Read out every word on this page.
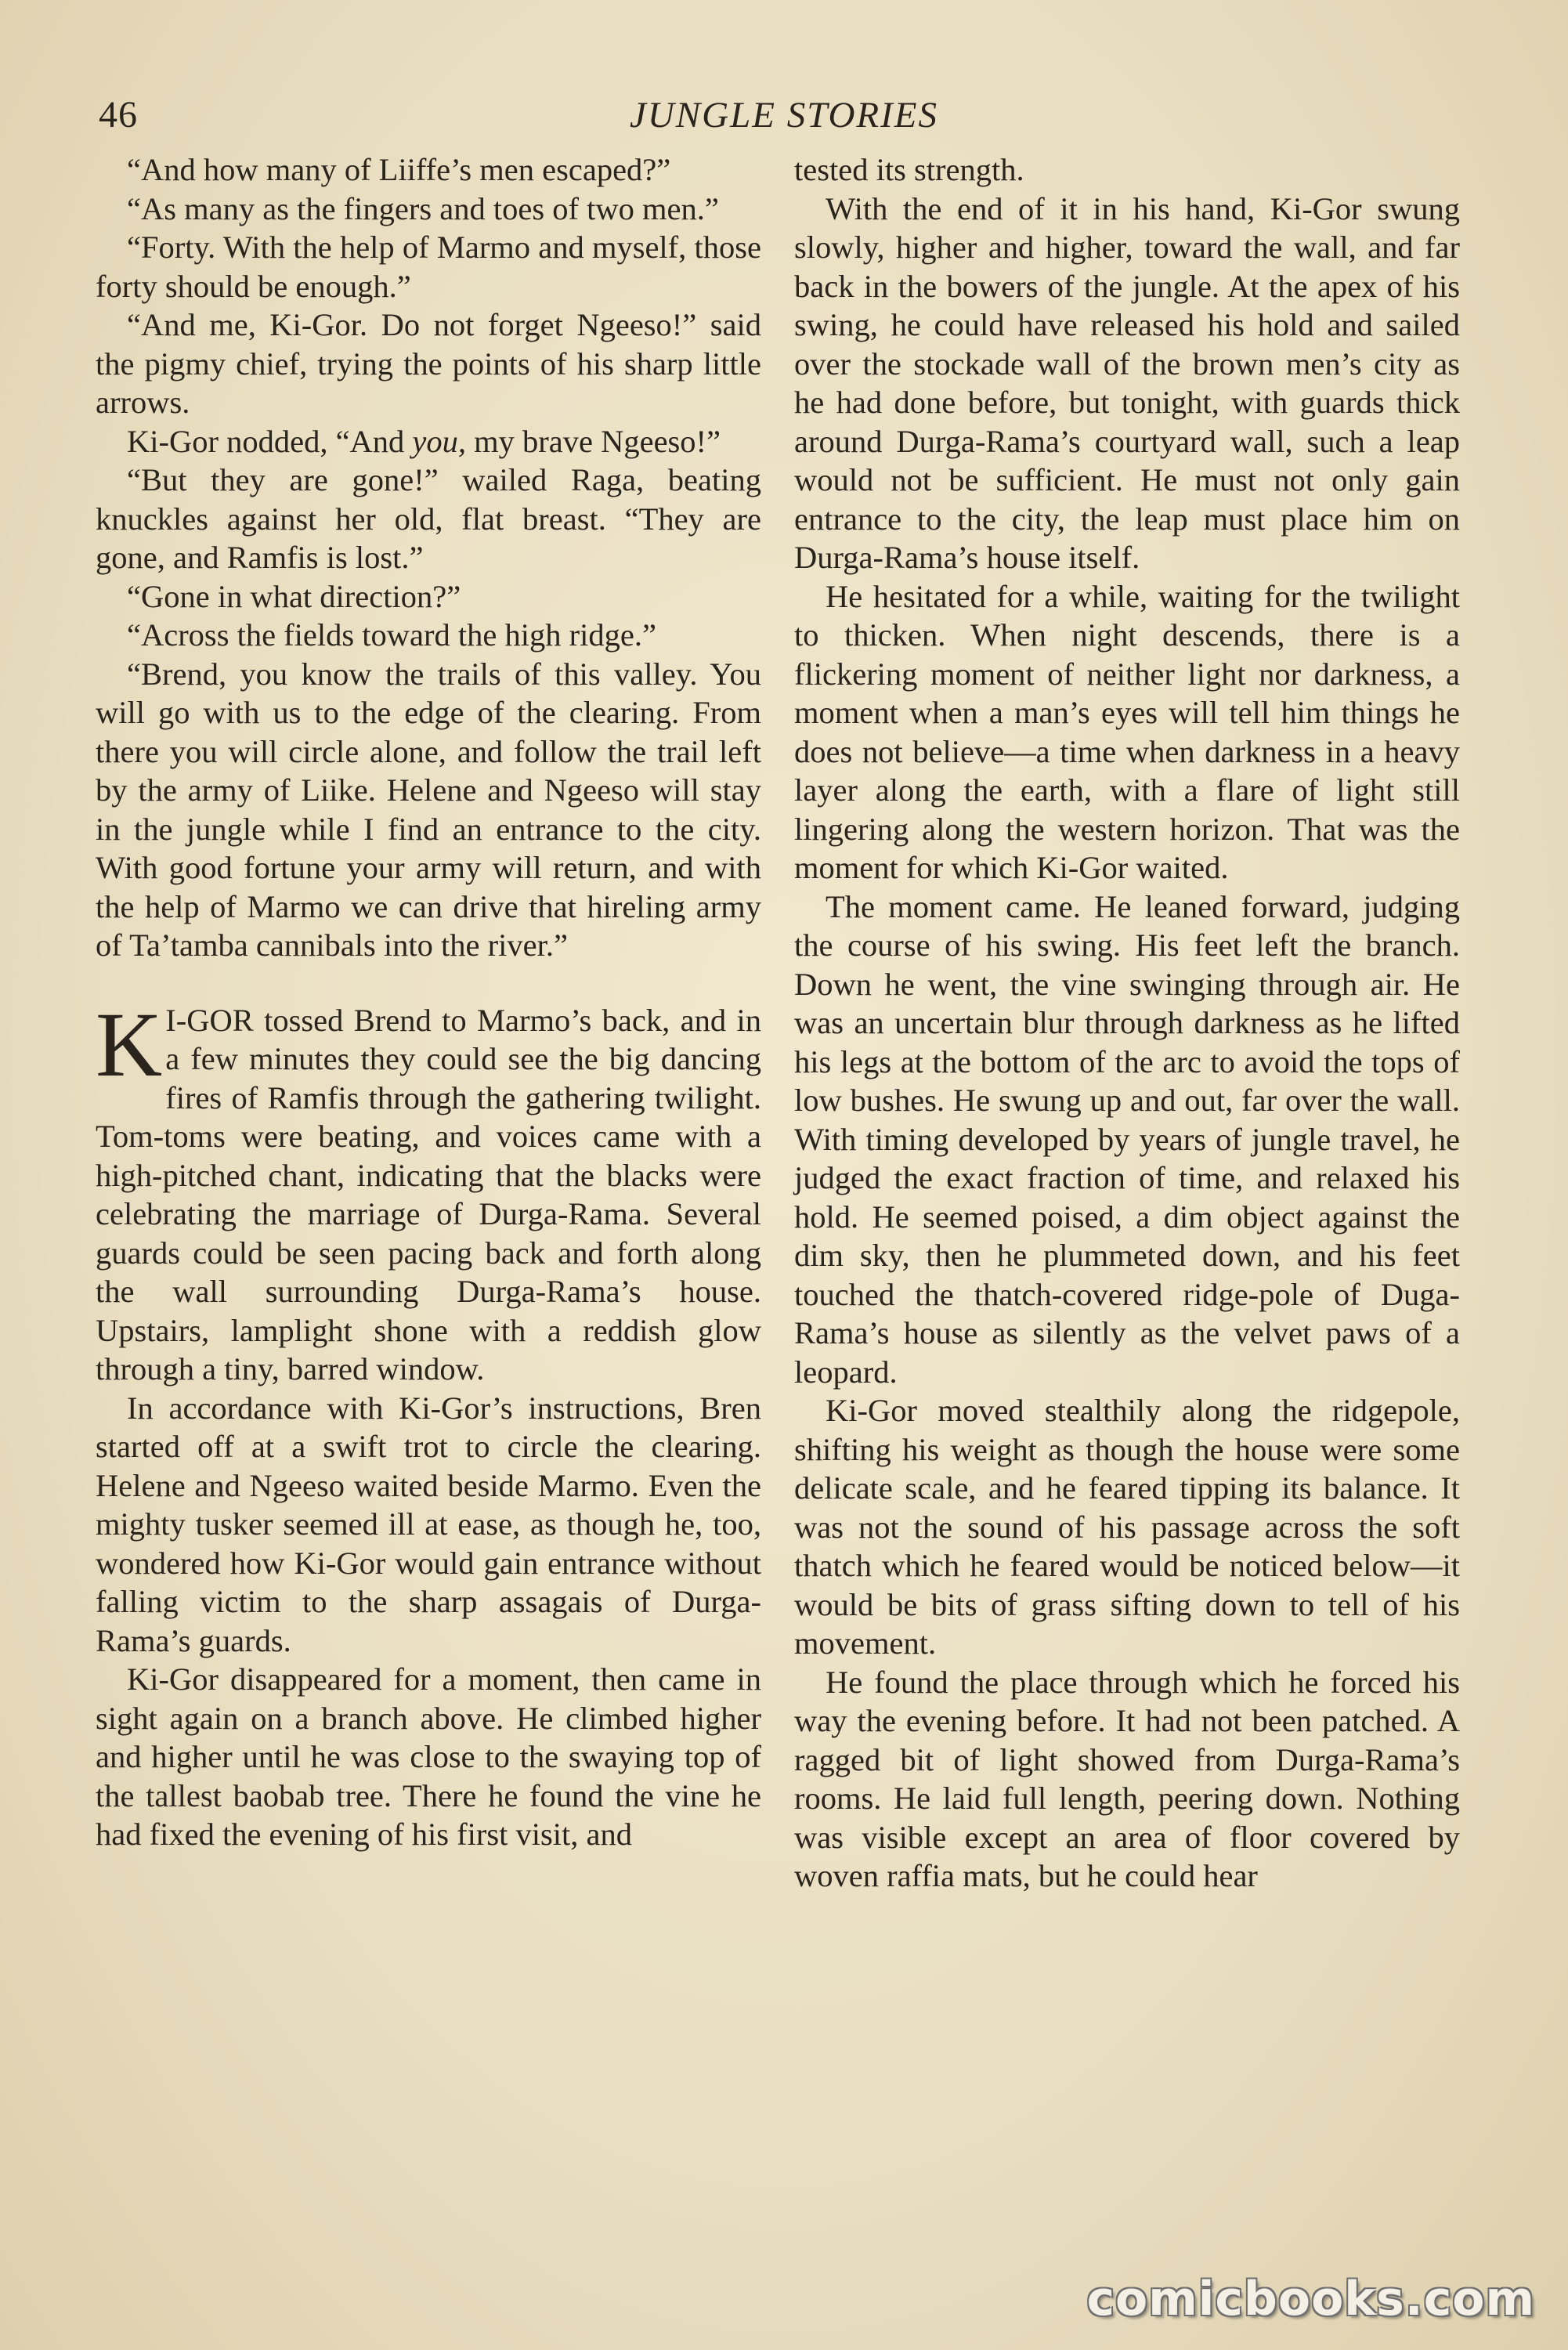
46	JUNGLE STORIES

“And how many of Liiffe’s men escaped?”

“As many as the fingers and toes of two men.”

“Forty. With the help of Marmo and myself, those forty should be enough.”

“And me, Ki-Gor. Do not forget Ngeeso!” said the pigmy chief, trying the points of his sharp little arrows.

Ki-Gor nodded, “And you, my brave Ngeeso!”

“But they are gone!” wailed Raga, beating knuckles against her old, flat breast. “They are gone, and Ramfis is lost.”

“Gone in what direction?”

“Across the fields toward the high ridge.”

“Brend, you know the trails of this valley. You will go with us to the edge of the clearing. From there you will circle alone, and follow the trail left by the army of Liike. Helene and Ngeeso will stay in the jungle while I find an entrance to the city. With good fortune your army will return, and with the help of Marmo we can drive that hireling army of Ta’tamba cannibals into the river.”

K I-GOR tossed Brend to Marmo’s back, and in a few minutes they could see the big dancing fires of Ramfis through the gathering twilight. Tom-toms were beating, and voices came with a high-pitched chant, indicating that the blacks were celebrating the marriage of Durga-Rama. Several guards could be seen pacing back and forth along the wall surrounding Durga-Rama’s house. Upstairs, lamplight shone with a reddish glow through a tiny, barred window.

In accordance with Ki-Gor’s instructions, Bren started off at a swift trot to circle the clearing. Helene and Ngeeso waited beside Marmo. Even the mighty tusker seemed ill at ease, as though he, too, wondered how Ki-Gor would gain entrance without falling victim to the sharp assagais of Durga-Rama’s guards.

Ki-Gor disappeared for a moment, then came in sight again on a branch above. He climbed higher and higher until he was close to the swaying top of the tallest baobab tree. There he found the vine he had fixed the evening of his first visit, and

tested its strength.

With the end of it in his hand, Ki-Gor swung slowly, higher and higher, toward the wall, and far back in the bowers of the jungle. At the apex of his swing, he could have released his hold and sailed over the stockade wall of the brown men’s city as he had done before, but tonight, with guards thick around Durga-Rama’s courtyard wall, such a leap would not be sufficient. He must not only gain entrance to the city, the leap must place him on Durga-Rama’s house itself.

He hesitated for a while, waiting for the twilight to thicken. When night descends, there is a flickering moment of neither light nor darkness, a moment when a man’s eyes will tell him things he does not believe—a time when darkness in a heavy layer along the earth, with a flare of light still lingering along the western horizon. That was the moment for which Ki-Gor waited.

The moment came. He leaned forward, judging the course of his swing. His feet left the branch. Down he went, the vine swinging through air. He was an uncertain blur through darkness as he lifted his legs at the bottom of the arc to avoid the tops of low bushes. He swung up and out, far over the wall. With timing developed by years of jungle travel, he judged the exact fraction of time, and relaxed his hold. He seemed poised, a dim object against the dim sky, then he plummeted down, and his feet touched the thatch-covered ridge-pole of Duga-Rama’s house as silently as the velvet paws of a leopard.

Ki-Gor moved stealthily along the ridgepole, shifting his weight as though the house were some delicate scale, and he feared tipping its balance. It was not the sound of his passage across the soft thatch which he feared would be noticed below—it would be bits of grass sifting down to tell of his movement.

He found the place through which he forced his way the evening before. It had not been patched. A ragged bit of light showed from Durga-Rama’s rooms. He laid full length, peering down. Nothing was visible except an area of floor covered by woven raffia mats, but he could hear

comicbooks.com
